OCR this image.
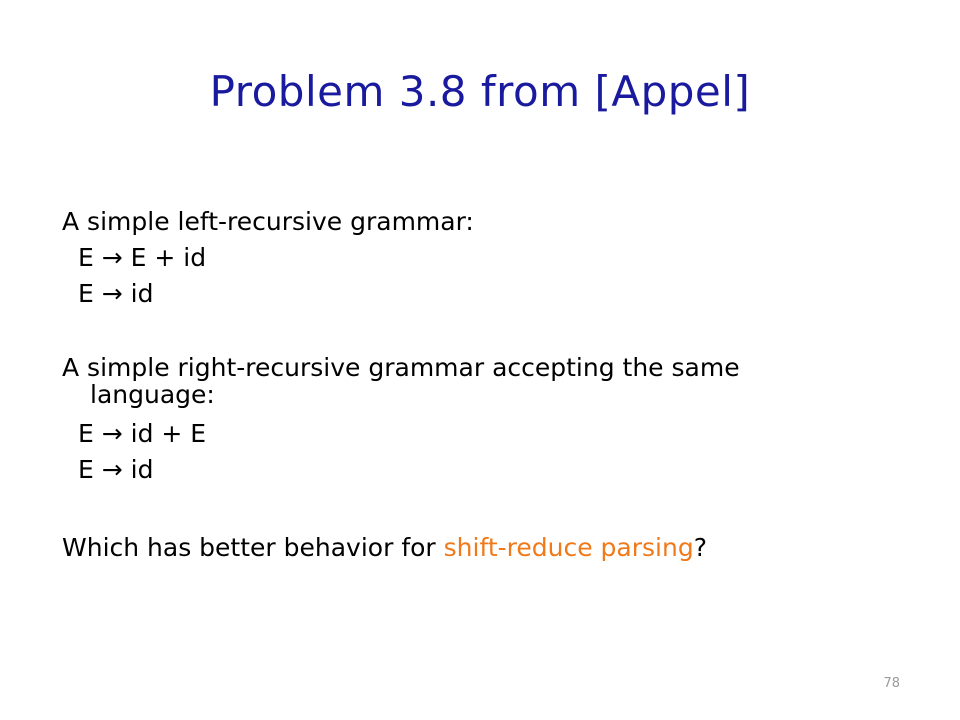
Problem 3.8 from [Appel]
A simple left-recursive grammar:
E → E + id
E → id
A simple right-recursive grammar accepting the same
language:
E → id + E
E → id
Which has better behavior for shift-reduce parsing?
78
